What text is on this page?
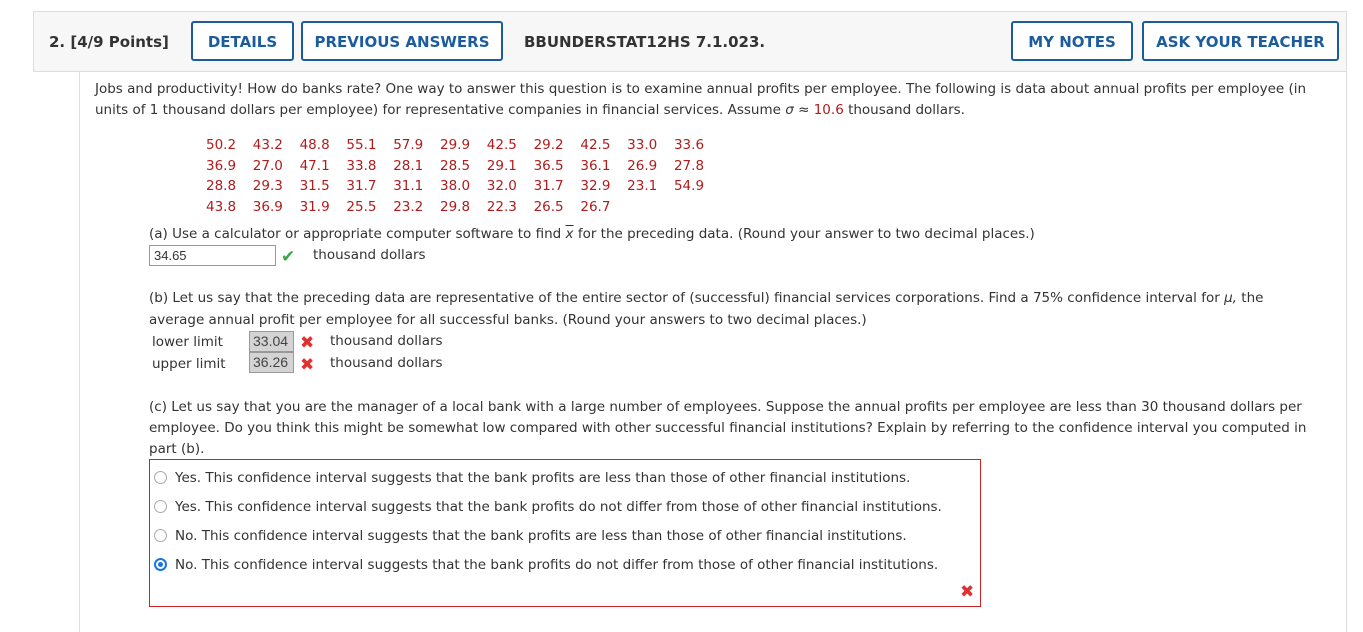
2. [4/9 Points]	DETAILS	PREVIOUS ANSWERS	BBUNDERSTAT12HS 7.1.023.	MY NOTES	ASK YOUR TEACHER
Jobs and productivity! How do banks rate? One way to answer this question is to examine annual profits per employee. The following is data about annual profits per employee (in
units of 1 thousand dollars per employee) for representative companies in financial services. Assume σ ≈ 10.6 thousand dollars.
50.2 43.2 48.8 55.1 57.9 29.9 42.5 29.2 42.5 33.0 33.6
36.9 27.0 47.1 33.8 28.1 28.5 29.1 36.5 36.1 26.9 27.8
28.8 29.3 31.5 31.7 31.1 38.0 32.0 31.7 32.9 23.1 54.9
43.8 36.9 31.9 25.5 23.2 29.8 22.3 26.5 26.7
(a) Use a calculator or appropriate computer software to find $\overline{x}$ for the preceding data. (Round your answer to two decimal places.)
34.65	✔ thousand dollars
(b) Let us say that the preceding data are representative of the entire sector of (successful) financial services corporations. Find a 75% confidence interval for μ, the
average annual profit per employee for all successful banks. (Round your answers to two decimal places.)
lower limit 33.04 ✖ thousand dollars
upper limit 36.26 ✖ thousand dollars
(c) Let us say that you are the manager of a local bank with a large number of employees. Suppose the annual profits per employee are less than 30 thousand dollars per
employee. Do you think this might be somewhat low compared with other successful financial institutions? Explain by referring to the confidence interval you computed in
part (b).
Yes. This confidence interval suggests that the bank profits are less than those of other financial institutions.
Yes. This confidence interval suggests that the bank profits do not differ from those of other financial institutions.
No. This confidence interval suggests that the bank profits are less than those of other financial institutions.
No. This confidence interval suggests that the bank profits do not differ from those of other financial institutions.
✖
